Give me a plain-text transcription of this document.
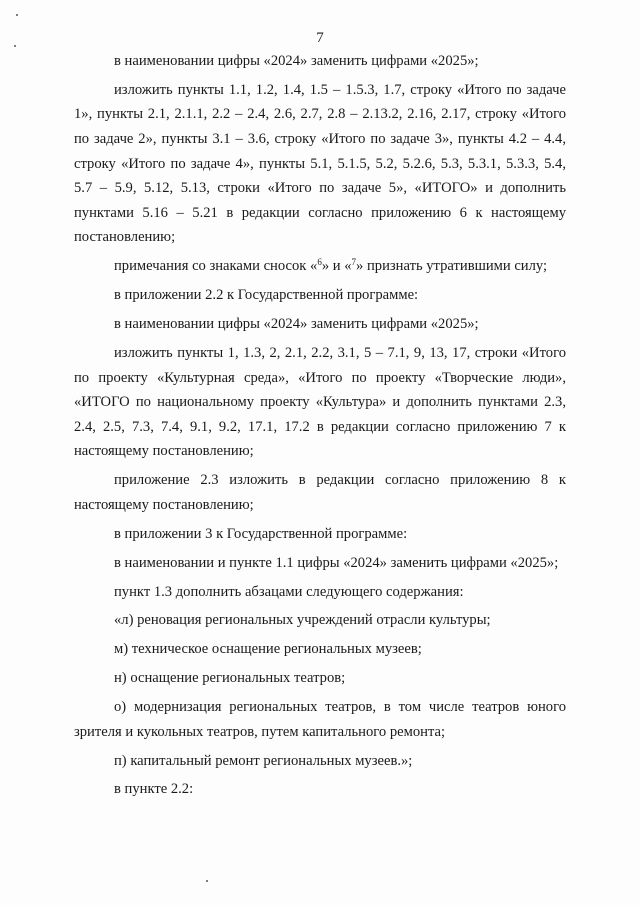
7

в наименовании цифры «2024» заменить цифрами «2025»;

изложить пункты 1.1, 1.2, 1.4, 1.5 – 1.5.3, 1.7, строку «Итого по задаче 1», пункты 2.1, 2.1.1, 2.2 – 2.4, 2.6, 2.7, 2.8 – 2.13.2, 2.16, 2.17, строку «Итого по задаче 2», пункты 3.1 – 3.6, строку «Итого по задаче 3», пункты 4.2 – 4.4, строку «Итого по задаче 4», пункты 5.1, 5.1.5, 5.2, 5.2.6, 5.3, 5.3.1, 5.3.3, 5.4, 5.7 – 5.9, 5.12, 5.13, строки «Итого по задаче 5», «ИТОГО» и дополнить пунктами 5.16 – 5.21 в редакции согласно приложению 6 к настоящему постановлению;

примечания со знаками сносок «$^6$» и «$^7$» признать утратившими силу;

в приложении 2.2 к Государственной программе:

в наименовании цифры «2024» заменить цифрами «2025»;

изложить пункты 1, 1.3, 2, 2.1, 2.2, 3.1, 5 – 7.1, 9, 13, 17, строки «Итого по проекту «Культурная среда», «Итого по проекту «Творческие люди», «ИТОГО по национальному проекту «Культура» и дополнить пунктами 2.3, 2.4, 2.5, 7.3, 7.4, 9.1, 9.2, 17.1, 17.2 в редакции согласно приложению 7 к настоящему постановлению;

приложение 2.3 изложить в редакции согласно приложению 8 к настоящему постановлению;

в приложении 3 к Государственной программе:

в наименовании и пункте 1.1 цифры «2024» заменить цифрами «2025»;

пункт 1.3 дополнить абзацами следующего содержания:

«л) реновация региональных учреждений отрасли культуры;

м) техническое оснащение региональных музеев;

н) оснащение региональных театров;

о) модернизация региональных театров, в том числе театров юного зрителя и кукольных театров, путем капитального ремонта;

п) капитальный ремонт региональных музеев.»;

в пункте 2.2:
